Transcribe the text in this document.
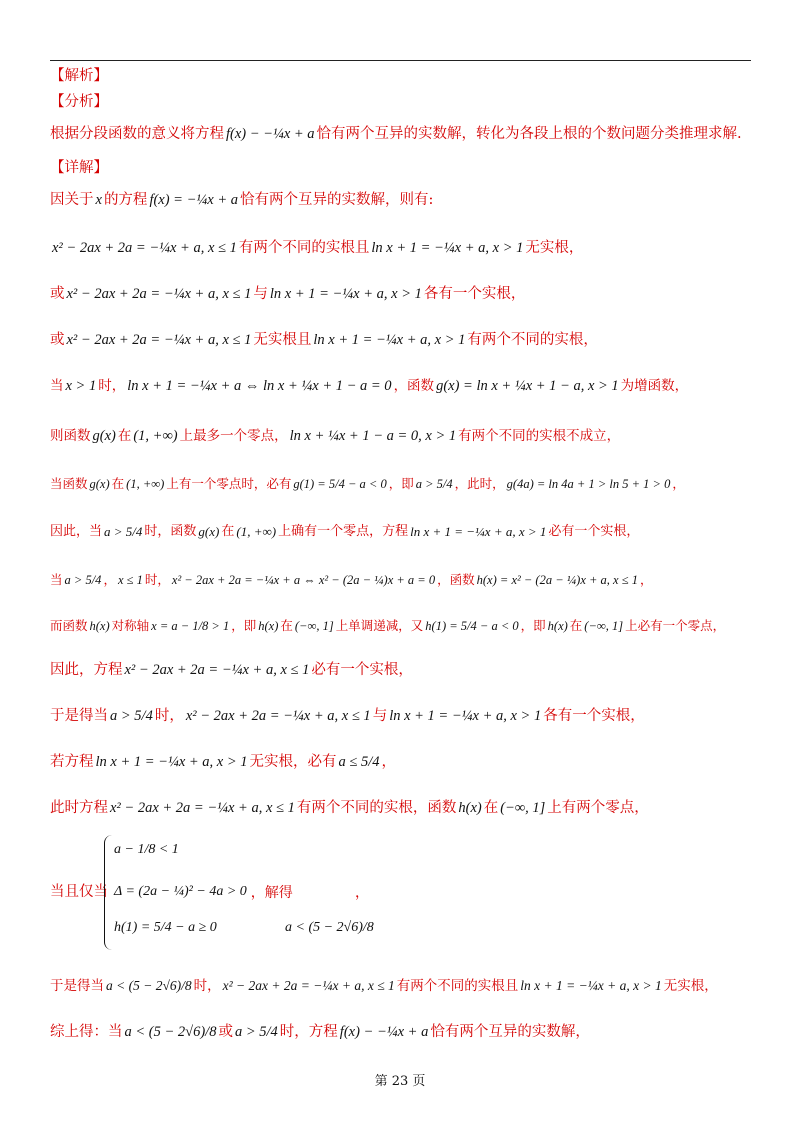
【解析】
【分析】
根据分段函数的意义将方程 f(x) − −¼x + a 恰有两个互异的实数解，转化为各段上根的个数问题分类推理求解.
【详解】
因关于 x 的方程 f(x) = −¼x + a 恰有两个互异的实数解，则有:
x² − 2ax + 2a = −¼x + a, x ≤ 1 有两个不同的实根且 ln x + 1 = −¼x + a, x > 1 无实根，
或 x² − 2ax + 2a = −¼x + a, x ≤ 1 与 ln x + 1 = −¼x + a, x > 1 各有一个实根，
或 x² − 2ax + 2a = −¼x + a, x ≤ 1 无实根且 ln x + 1 = −¼x + a, x > 1 有两个不同的实根，
当 x > 1 时， ln x + 1 = −¼x + a ⇔ ln x + ¼x + 1 − a = 0 ，函数 g(x) = ln x + ¼x + 1 − a, x > 1 为增函数，
则函数 g(x) 在 (1, +∞) 上最多一个零点， ln x + ¼x + 1 − a = 0, x > 1 有两个不同的实根不成立，
当函数 g(x) 在 (1, +∞) 上有一个零点时，必有 g(1) = 5/4 − a < 0 ，即 a > 5/4 ，此时， g(4a) = ln 4a + 1 > ln 5 + 1 > 0 ，
因此，当 a > 5/4 时，函数 g(x) 在 (1, +∞) 上确有一个零点，方程 ln x + 1 = −¼x + a, x > 1 必有一个实根，
当 a > 5/4 ， x ≤ 1 时， x² − 2ax + 2a = −¼x + a ⇔ x² − (2a − ¼)x + a = 0 ，函数 h(x) = x² − (2a − ¼)x + a, x ≤ 1 ，
而函数 h(x) 对称轴 x = a − 1/8 > 1 ，即 h(x) 在 (−∞, 1] 上单调递减，又 h(1) = 5/4 − a < 0 ，即 h(x) 在 (−∞, 1] 上必有一个零点，
因此，方程 x² − 2ax + 2a = −¼x + a, x ≤ 1 必有一个实根，
于是得当 a > 5/4 时， x² − 2ax + 2a = −¼x + a, x ≤ 1 与 ln x + 1 = −¼x + a, x > 1 各有一个实根，
若方程 ln x + 1 = −¼x + a, x > 1 无实根，必有 a ≤ 5/4 ，
此时方程 x² − 2ax + 2a = −¼x + a, x ≤ 1 有两个不同的实根，函数 h(x) 在 (−∞, 1] 上有两个零点，
当且仅当
a − 1/8 < 1
Δ = (2a − ¼)² − 4a > 0 ，解得
h(1) = 5/4 − a ≥ 0
，
a < (5 − 2√6)/8
于是得当 a < (5 − 2√6)/8 时， x² − 2ax + 2a = −¼x + a, x ≤ 1 有两个不同的实根且 ln x + 1 = −¼x + a, x > 1 无实根，
综上得：当 a < (5 − 2√6)/8 或 a > 5/4 时，方程 f(x) − −¼x + a 恰有两个互异的实数解，
第 23 页
